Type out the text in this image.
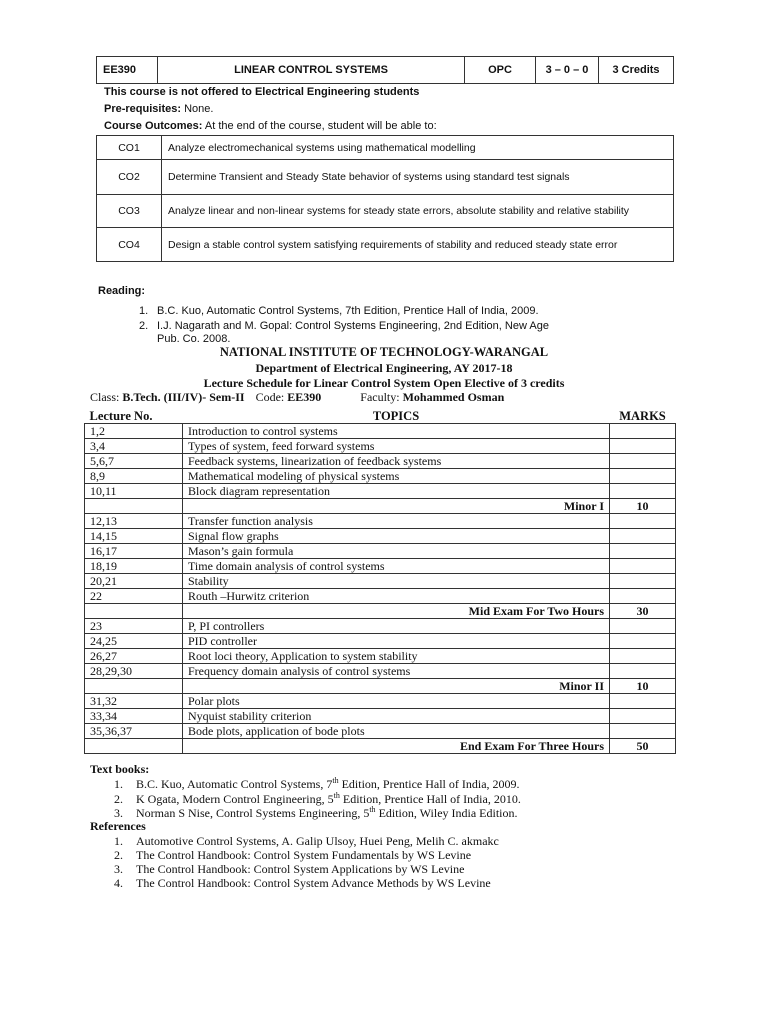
EE390	LINEAR CONTROL SYSTEMS	OPC	3 – 0 – 0	3 Credits
This course is not offered to Electrical Engineering students
Pre-requisites: None.
Course Outcomes: At the end of the course, student will be able to:
CO1	Analyze electromechanical systems using mathematical modelling
CO2	Determine Transient and Steady State behavior of systems using standard test signals
CO3	Analyze linear and non-linear systems for steady state errors, absolute stability and relative stability
CO4	Design a stable control system satisfying requirements of stability and reduced steady state error
Reading:
1. B.C. Kuo, Automatic Control Systems, 7th Edition, Prentice Hall of India, 2009.
2. I.J. Nagarath and M. Gopal: Control Systems Engineering, 2nd Edition, New Age
Pub. Co. 2008.
NATIONAL INSTITUTE OF TECHNOLOGY-WARANGAL
Department of Electrical Engineering, AY 2017-18
Lecture Schedule for Linear Control System Open Elective of 3 credits
Class: B.Tech. (III/IV)- Sem-II Code: EE390	Faculty: Mohammed Osman
Lecture No.	TOPICS	MARKS
1,2	Introduction to control systems	
3,4	Types of system, feed forward systems	
5,6,7	Feedback systems, linearization of feedback systems	
8,9	Mathematical modeling of physical systems	
10,11	Block diagram representation	
	Minor I	10
12,13	Transfer function analysis	
14,15	Signal flow graphs	
16,17	Mason’s gain formula	
18,19	Time domain analysis of control systems	
20,21	Stability	
22	Routh –Hurwitz criterion	
	Mid Exam For Two Hours	30
23	P, PI controllers	
24,25	PID controller	
26,27	Root loci theory, Application to system stability	
28,29,30	Frequency domain analysis of control systems	
	Minor II	10
31,32	Polar plots	
33,34	Nyquist stability criterion	
35,36,37	Bode plots, application of bode plots	
	End Exam For Three Hours	50
Text books:
1. B.C. Kuo, Automatic Control Systems, 7th Edition, Prentice Hall of India, 2009.
2. K Ogata, Modern Control Engineering, 5th Edition, Prentice Hall of India, 2010.
3. Norman S Nise, Control Systems Engineering, 5th Edition, Wiley India Edition.
References
1. Automotive Control Systems, A. Galip Ulsoy, Huei Peng, Melih C. akmakc
2. The Control Handbook: Control System Fundamentals by WS Levine
3. The Control Handbook: Control System Applications by WS Levine
4. The Control Handbook: Control System Advance Methods by WS Levine
